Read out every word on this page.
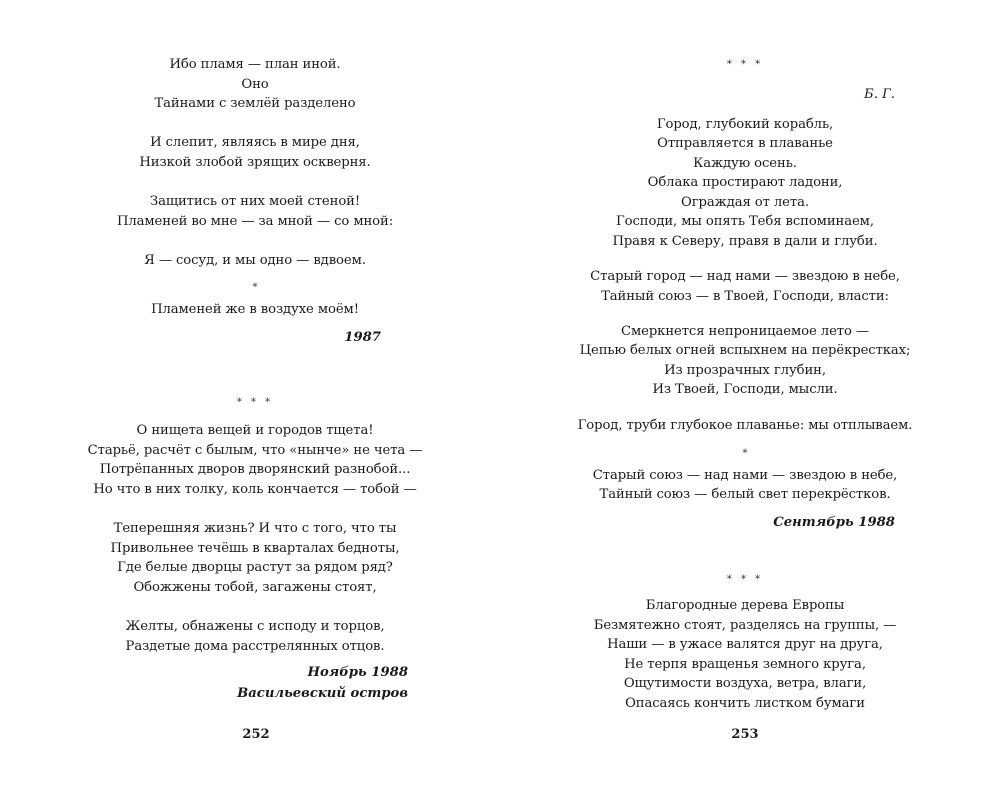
Ибо пламя — план иной.
Оно
Тайнами с землёй разделено
И слепит, являясь в мире дня,
Низкой злобой зрящих оскверня.
Защитись от них моей стеной!
Пламеней во мне — за мной — со мной:
Я — сосуд, и мы одно — вдвоем.
*
Пламеней же в воздухе моём!
1987
* * *
О нищета вещей и городов тщета!
Старьё, расчёт с былым, что «нынче» не чета —
Потрёпанных дворов дворянский разнобой...
Но что в них толку, коль кончается — тобой —
Теперешняя жизнь? И что с того, что ты
Привольнее течёшь в кварталах бедноты,
Где белые дворцы растут за рядом ряд?
Обожжены тобой, загажены стоят,
Желты, обнажены с исподу и торцов,
Раздетые дома расстрелянных отцов.
Ноябрь 1988
Васильевский остров
252
* * *
Город, глубокий корабль,
Отправляется в плаванье
Каждую осень.
Облака простирают ладони,
Ограждая от лета.
Господи, мы опять Тебя вспоминаем,
Правя к Северу, правя в дали и глуби.
Старый город — над нами — звездою в небе,
Тайный союз — в Твоей, Господи, власти:
Смеркнется непроницаемое лето —
Цепью белых огней вспыхнем на перёкрестках;
Из прозрачных глубин,
Из Твоей, Господи, мысли.
Город, труби глубокое плаванье: мы отплываем.
*
Старый союз — над нами — звездою в небе,
Тайный союз — белый свет перекрёстков.
* * *
Благородные дерева Европы
Безмятежно стоят, разделясь на группы, —
Наши — в ужасе валятся друг на друга,
Не терпя вращенья земного круга,
Ощутимости воздуха, ветра, влаги,
Опасаясь кончить листком бумаги
Б. Г.
Сентябрь 1988
253
